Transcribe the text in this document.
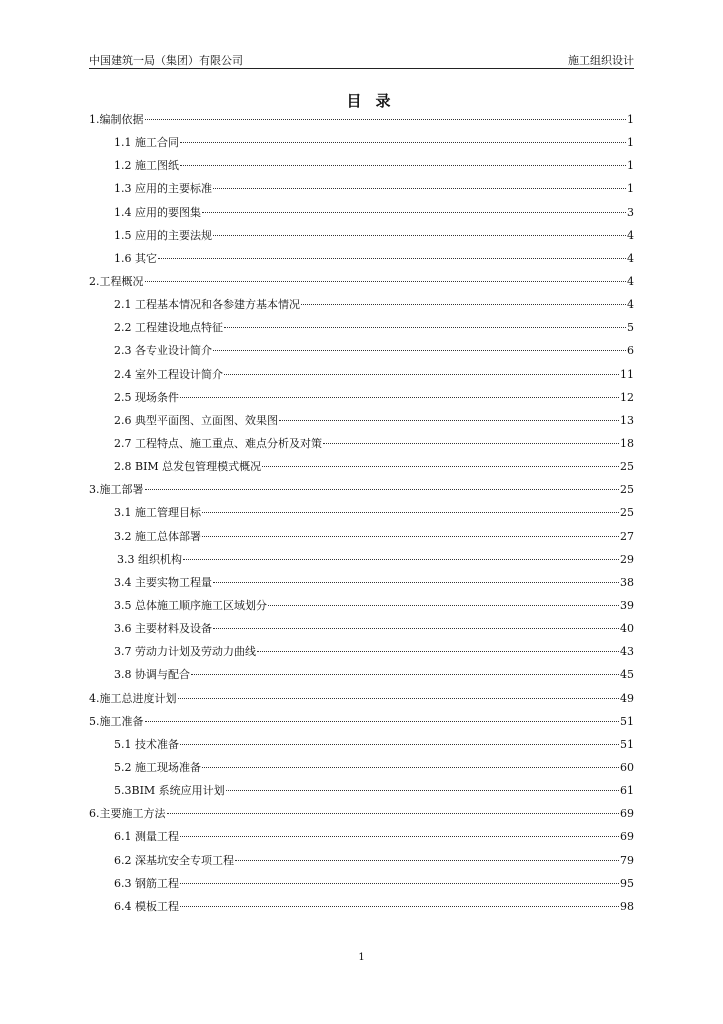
中国建筑一局（集团）有限公司	施工组织设计
目录
1.编制依据	1
1.1 施工合同	1
1.2 施工图纸	1
1.3 应用的主要标准	1
1.4 应用的要图集	3
1.5 应用的主要法规	4
1.6 其它	4
2.工程概况	4
2.1 工程基本情况和各参建方基本情况	4
2.2 工程建设地点特征	5
2.3 各专业设计简介	6
2.4 室外工程设计简介	11
2.5 现场条件	12
2.6 典型平面图、立面图、效果图	13
2.7 工程特点、施工重点、难点分析及对策	18
2.8 BIM 总发包管理模式概况	25
3.施工部署	25
3.1 施工管理目标	25
3.2 施工总体部署	27
3.3 组织机构	29
3.4 主要实物工程量	38
3.5 总体施工顺序施工区域划分	39
3.6 主要材料及设备	40
3.7 劳动力计划及劳动力曲线	43
3.8 协调与配合	45
4.施工总进度计划	49
5.施工准备	51
5.1 技术准备	51
5.2 施工现场准备	60
5.3BIM 系统应用计划	61
6.主要施工方法	69
6.1 测量工程	69
6.2 深基坑安全专项工程	79
6.3 钢筋工程	95
6.4 模板工程	98
1
